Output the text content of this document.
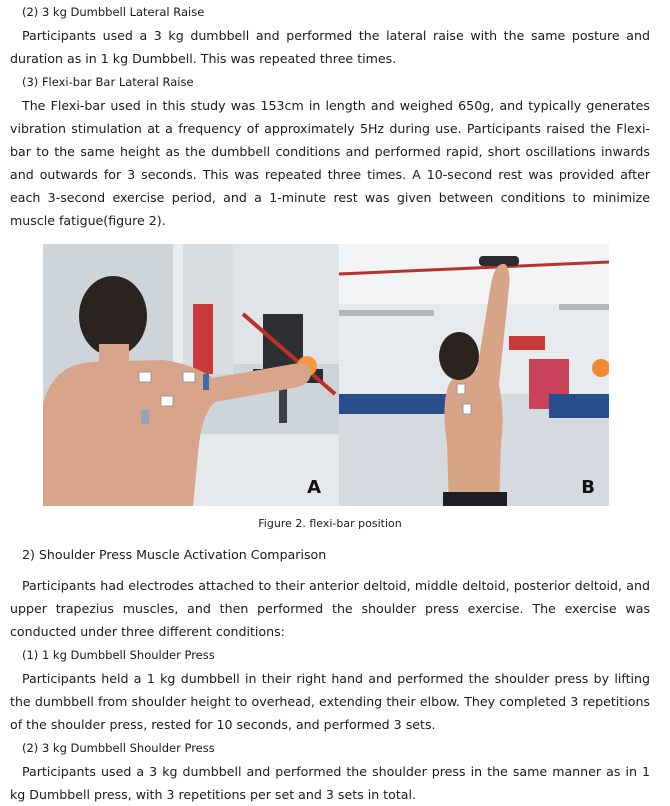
(2) 3 kg Dumbbell Lateral Raise

Participants used a 3 kg dumbbell and performed the lateral raise with the same posture and duration as in 1 kg Dumbbell. This was repeated three times.

(3) Flexi-bar Bar Lateral Raise

The Flexi-bar used in this study was 153cm in length and weighed 650g, and typically generates vibration stimulation at a frequency of approximately 5Hz during use. Participants raised the Flexi-bar to the same height as the dumbbell conditions and performed rapid, short oscillations inwards and outwards for 3 seconds. This was repeated three times. A 10-second rest was provided after each 3-second exercise period, and a 1-minute rest was given between conditions to minimize muscle fatigue(figure 2).

A	B
Figure 2. flexi-bar position
2) Shoulder Press Muscle Activation Comparison

Participants had electrodes attached to their anterior deltoid, middle deltoid, posterior deltoid, and upper trapezius muscles, and then performed the shoulder press exercise. The exercise was conducted under three different conditions:

(1) 1 kg Dumbbell Shoulder Press

Participants held a 1 kg dumbbell in their right hand and performed the shoulder press by lifting the dumbbell from shoulder height to overhead, extending their elbow. They completed 3 repetitions of the shoulder press, rested for 10 seconds, and performed 3 sets.

(2) 3 kg Dumbbell Shoulder Press

Participants used a 3 kg dumbbell and performed the shoulder press in the same manner as in 1 kg Dumbbell press, with 3 repetitions per set and 3 sets in total.
